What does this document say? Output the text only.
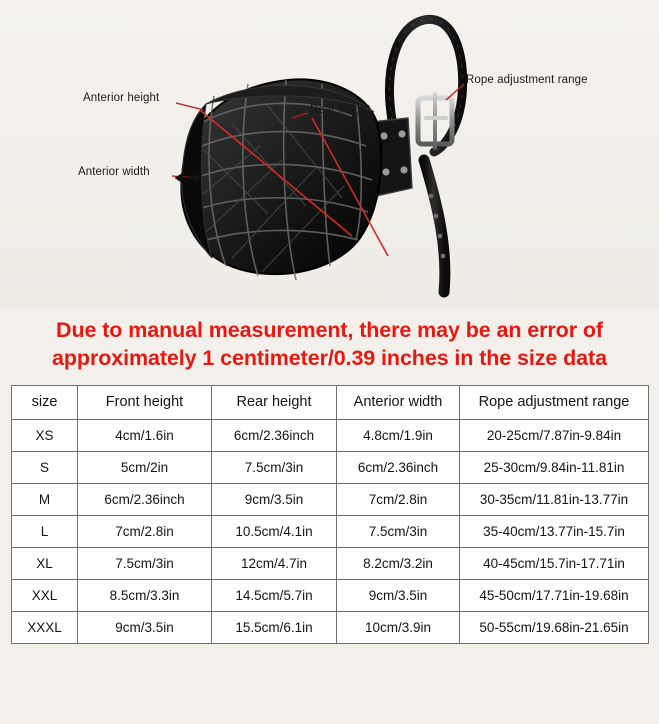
Anterior height
Anterior width
Rear height
Rope adjustment range
Due to manual measurement, there may be an error of
approximately 1 centimeter/0.39 inches in the size data
size	Front height	Rear height	Anterior width	Rope adjustment range
XS	4cm/1.6in	6cm/2.36inch	4.8cm/1.9in	20-25cm/7.87in-9.84in
S	5cm/2in	7.5cm/3in	6cm/2.36inch	25-30cm/9.84in-11.81in
M	6cm/2.36inch	9cm/3.5in	7cm/2.8in	30-35cm/11.81in-13.77in
L	7cm/2.8in	10.5cm/4.1in	7.5cm/3in	35-40cm/13.77in-15.7in
XL	7.5cm/3in	12cm/4.7in	8.2cm/3.2in	40-45cm/15.7in-17.71in
XXL	8.5cm/3.3in	14.5cm/5.7in	9cm/3.5in	45-50cm/17.71in-19.68in
XXXL	9cm/3.5in	15.5cm/6.1in	10cm/3.9in	50-55cm/19.68in-21.65in
